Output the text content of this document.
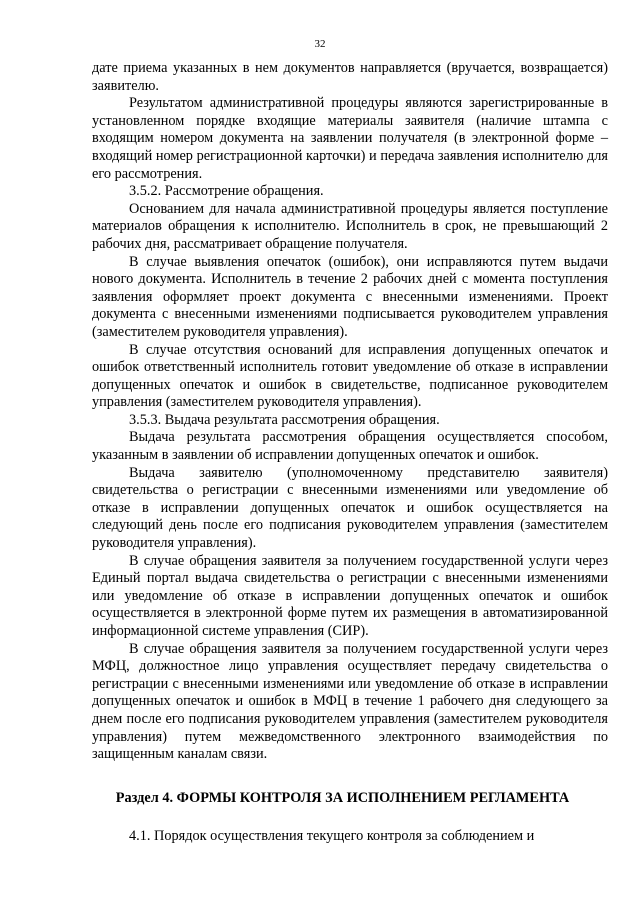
32

дате приема указанных в нем документов направляется (вручается, возвращается) заявителю.

Результатом административной процедуры являются зарегистрированные в установленном порядке входящие материалы заявителя (наличие штампа с входящим номером документа на заявлении получателя (в электронной форме – входящий номер регистрационной карточки) и передача заявления исполнителю для его рассмотрения.

3.5.2. Рассмотрение обращения.

Основанием для начала административной процедуры является поступление материалов обращения к исполнителю. Исполнитель в срок, не превышающий 2 рабочих дня, рассматривает обращение получателя.

В случае выявления опечаток (ошибок), они исправляются путем выдачи нового документа. Исполнитель в течение 2 рабочих дней с момента поступления заявления оформляет проект документа с внесенными изменениями. Проект документа с внесенными изменениями подписывается руководителем управления (заместителем руководителя управления).

В случае отсутствия оснований для исправления допущенных опечаток и ошибок ответственный исполнитель готовит уведомление об отказе в исправлении допущенных опечаток и ошибок в свидетельстве, подписанное руководителем управления (заместителем руководителя управления).

3.5.3. Выдача результата рассмотрения обращения.

Выдача результата рассмотрения обращения осуществляется способом, указанным в заявлении об исправлении допущенных опечаток и ошибок.

Выдача заявителю (уполномоченному представителю заявителя) свидетельства о регистрации с внесенными изменениями или уведомление об отказе в исправлении допущенных опечаток и ошибок осуществляется на следующий день после его подписания руководителем управления (заместителем руководителя управления).

В случае обращения заявителя за получением государственной услуги через Единый портал выдача свидетельства о регистрации с внесенными изменениями или уведомление об отказе в исправлении допущенных опечаток и ошибок осуществляется в электронной форме путем их размещения в автоматизированной информационной системе управления (СИР).

В случае обращения заявителя за получением государственной услуги через МФЦ, должностное лицо управления осуществляет передачу свидетельства о регистрации с внесенными изменениями или уведомление об отказе в исправлении допущенных опечаток и ошибок в МФЦ в течение 1 рабочего дня следующего за днем после его подписания руководителем управления (заместителем руководителя управления) путем межведомственного электронного взаимодействия по защищенным каналам связи.

Раздел 4. ФОРМЫ КОНТРОЛЯ ЗА ИСПОЛНЕНИЕМ РЕГЛАМЕНТА

4.1. Порядок осуществления текущего контроля за соблюдением и
